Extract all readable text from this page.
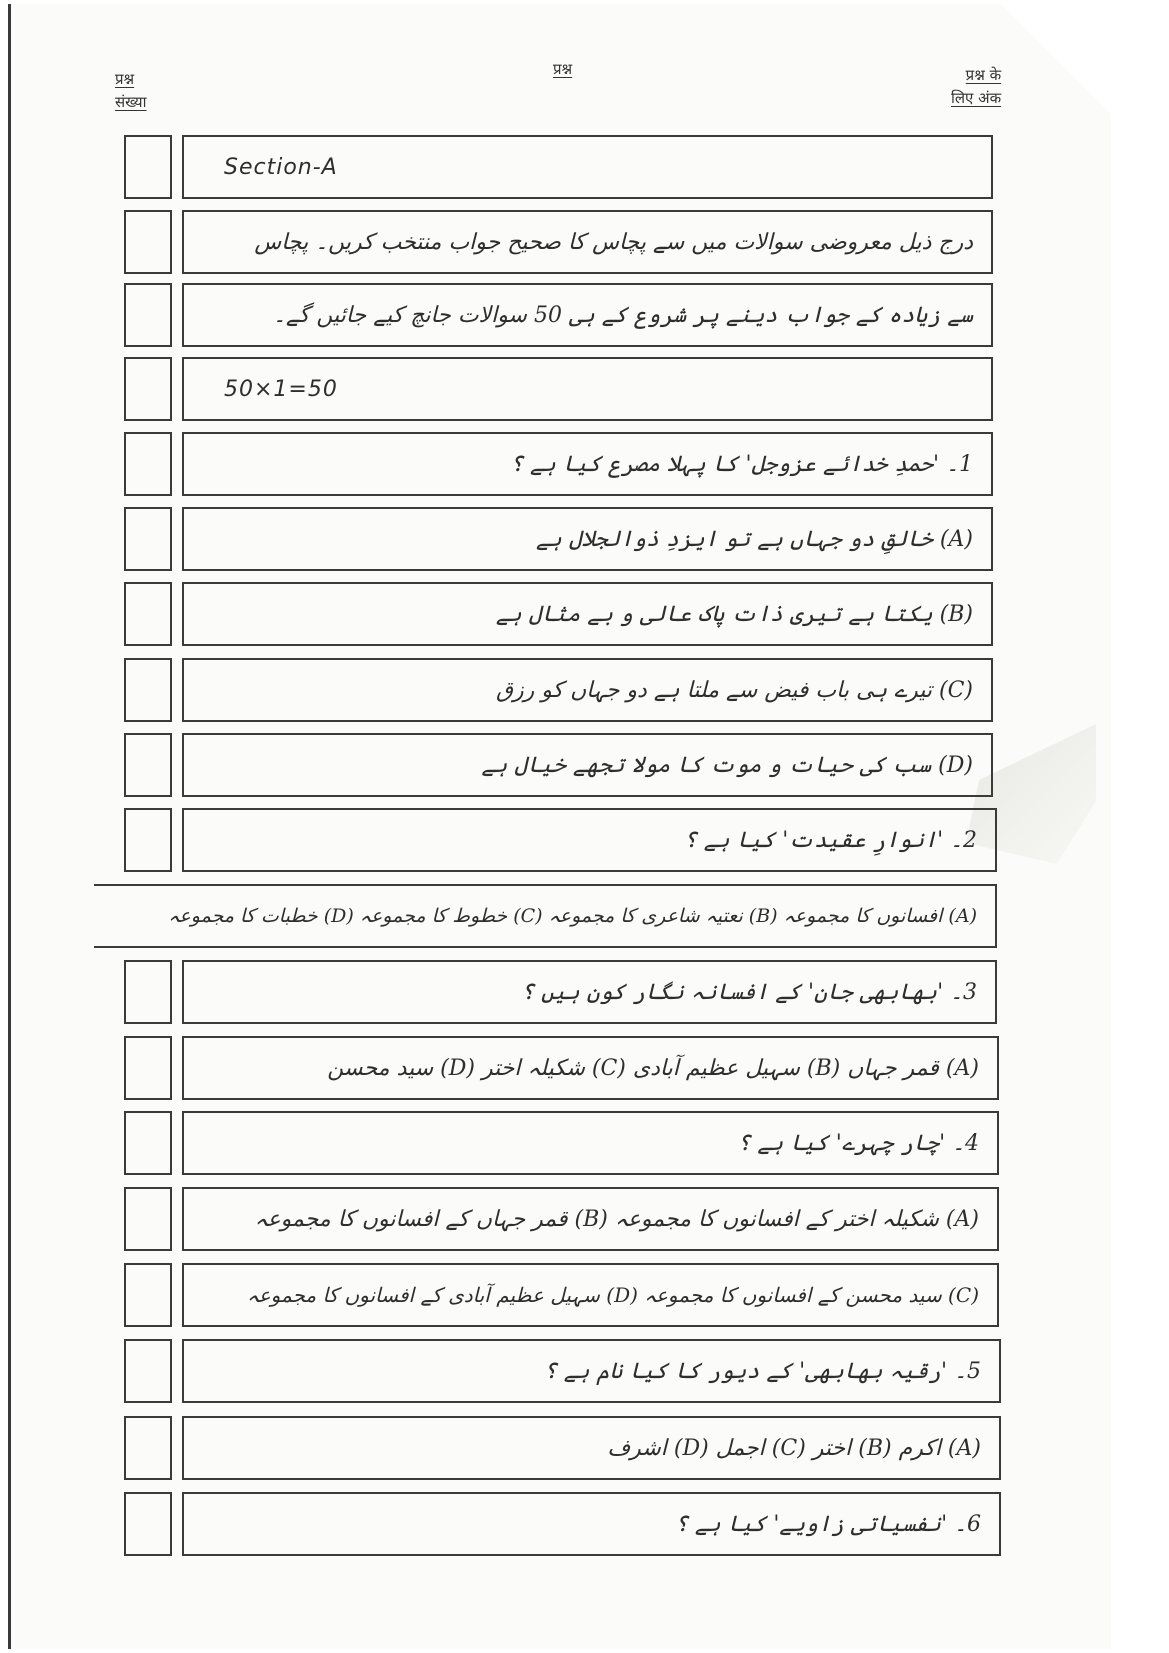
प्रश्न
संख्या
प्रश्न	प्रश्न के
लिए अंक
Section-A
درج ذیل معروضی سوالات میں سے پچاس کا صحیح جواب منتخب کریں۔ پچاس
سے زیادہ کے جواب دینے پر شروع کے ہی 50 سوالات جانچ کیے جائیں گے۔
50×1=50
1۔ 'حمدِ خدائے عزوجل' کا پہلا مصرع کیا ہے ؟
(A) خالقِ دو جہاں ہے تو ایزدِ ذوالجلال ہے
(B) یکتا ہے تیری ذات پاک عالی و بے مثال ہے
(C) تیرے ہی باب فیض سے ملتا ہے دو جہاں کو رزق
(D) سب کی حیات و موت کا مولا تجھے خیال ہے
2۔ 'انوارِ عقیدت' کیا ہے ؟
(A) افسانوں کا مجموعہ (B) نعتیہ شاعری کا مجموعہ (C) خطوط کا مجموعہ (D) خطبات کا مجموعہ
3۔ 'بھابھی جان' کے افسانہ نگار کون ہیں ؟
(A) قمر جہاں (B) سہیل عظیم آبادی (C) شکیلہ اختر (D) سید محسن
4۔ 'چار چہرے' کیا ہے ؟
(A) شکیلہ اختر کے افسانوں کا مجموعہ (B) قمر جہاں کے افسانوں کا مجموعہ
(C) سید محسن کے افسانوں کا مجموعہ (D) سہیل عظیم آبادی کے افسانوں کا مجموعہ
5۔ 'رقیہ بھابھی' کے دیور کا کیا نام ہے ؟
(A) اکرم (B) اختر (C) اجمل (D) اشرف
6۔ 'نفسیاتی زاویے' کیا ہے ؟
